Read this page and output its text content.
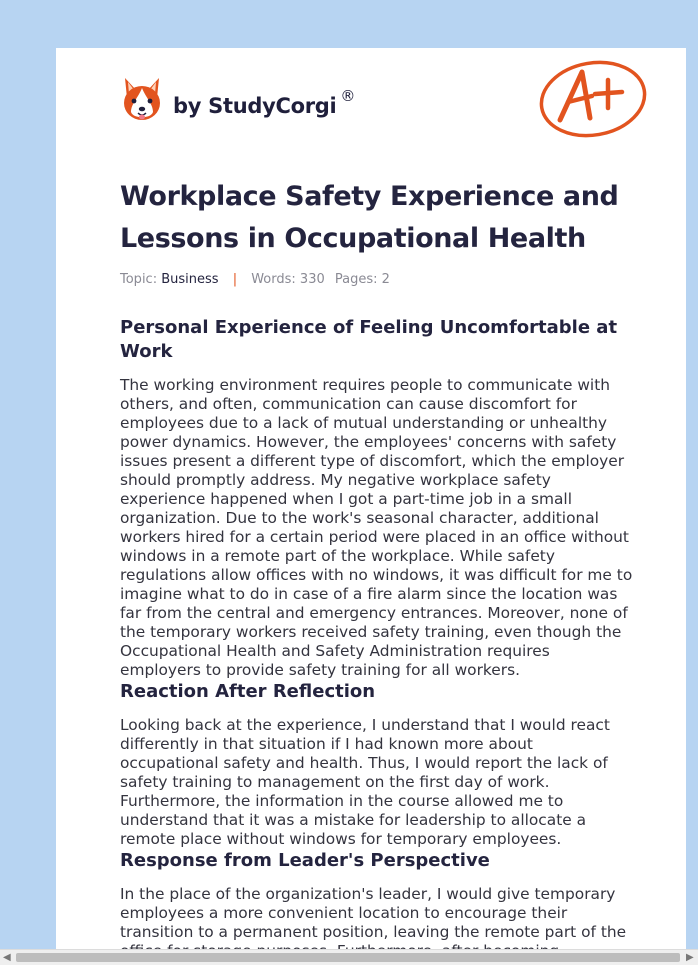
by StudyCorgi ®
Workplace Safety Experience and Lessons in Occupational Health
Topic: Business | Words: 330 Pages: 2
Personal Experience of Feeling Uncomfortable at Work

The working environment requires people to communicate with others, and often, communication can cause discomfort for employees due to a lack of mutual understanding or unhealthy power dynamics. However, the employees' concerns with safety issues present a different type of discomfort, which the employer should promptly address. My negative workplace safety experience happened when I got a part-time job in a small organization. Due to the work's seasonal character, additional workers hired for a certain period were placed in an office without windows in a remote part of the workplace. While safety regulations allow offices with no windows, it was difficult for me to imagine what to do in case of a fire alarm since the location was far from the central and emergency entrances. Moreover, none of the temporary workers received safety training, even though the Occupational Health and Safety Administration requires employers to provide safety training for all workers.

Reaction After Reflection

Looking back at the experience, I understand that I would react differently in that situation if I had known more about occupational safety and health. Thus, I would report the lack of safety training to management on the first day of work. Furthermore, the information in the course allowed me to understand that it was a mistake for leadership to allocate a remote place without windows for temporary employees.

Response from Leader's Perspective

In the place of the organization's leader, I would give temporary employees a more convenient location to encourage their transition to a permanent position, leaving the remote part of the

◀	▶
